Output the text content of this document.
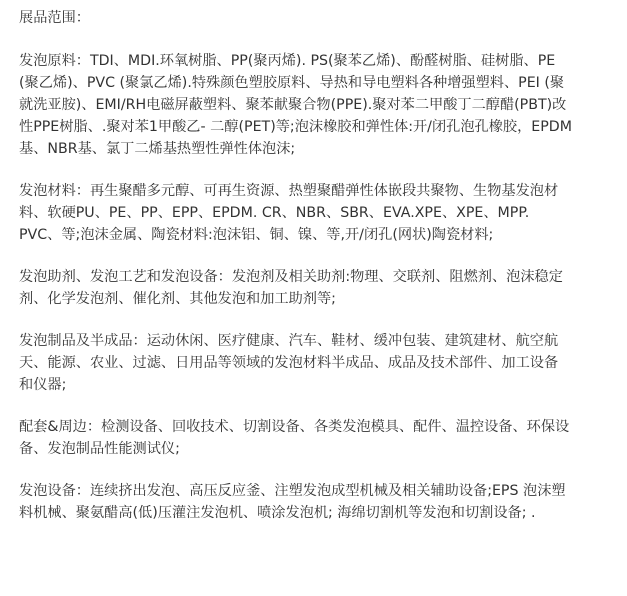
展品范围：
发泡原料：TDI、MDI.环氧树脂、PP(聚丙烯). PS(聚苯乙烯)、酚醛树脂、硅树脂、PE
(聚乙烯)、PVC (聚氯乙烯).特殊颜色塑胶原料、导热和导电塑料各种增强塑料、PEI (聚
就洗亚胺)、EMI/RH电磁屏蔽塑料、聚苯献聚合物(PPE).聚对苯二甲酸丁二醇醋(PBT)改
性PPE树脂、.聚对苯1甲酸乙- 二醇(PET)等;泡沫橡胶和弹性体:开/闭孔泡孔橡胶，EPDM
基、NBR基、氯丁二烯基热塑性弹性体泡沫;
发泡材料：再生聚醋多元醇、可再生资源、热塑聚醋弹性体嵌段共聚物、生物基发泡材
料、软硬PU、PE、PP、EPP、EPDM. CR、NBR、SBR、EVA.XPE、XPE、MPP.
PVC、等;泡沫金属、陶瓷材料:泡沫铝、铜、镍、等,开/闭孔(网状)陶瓷材料;
发泡助剂、发泡工艺和发泡设备：发泡剂及相关助剂:物理、交联剂、阻燃剂、泡沫稳定
剂、化学发泡剂、催化剂、其他发泡和加工助剂等;
发泡制品及半成品：运动休闲、医疗健康、汽车、鞋材、缓冲包装、建筑建材、航空航
天、能源、农业、过滤、日用品等领域的发泡材料半成品、成品及技术部件、加工设备
和仪器;
配套&周边：检测设备、回收技术、切割设备、各类发泡模具、配件、温控设备、环保设
备、发泡制品性能测试仪;
发泡设备：连续挤出发泡、高压反应釜、注塑发泡成型机械及相关辅助设备;EPS 泡沫塑
料机械、聚氨醋高(低)压灌注发泡机、喷涂发泡机; 海绵切割机等发泡和切割设备; .
